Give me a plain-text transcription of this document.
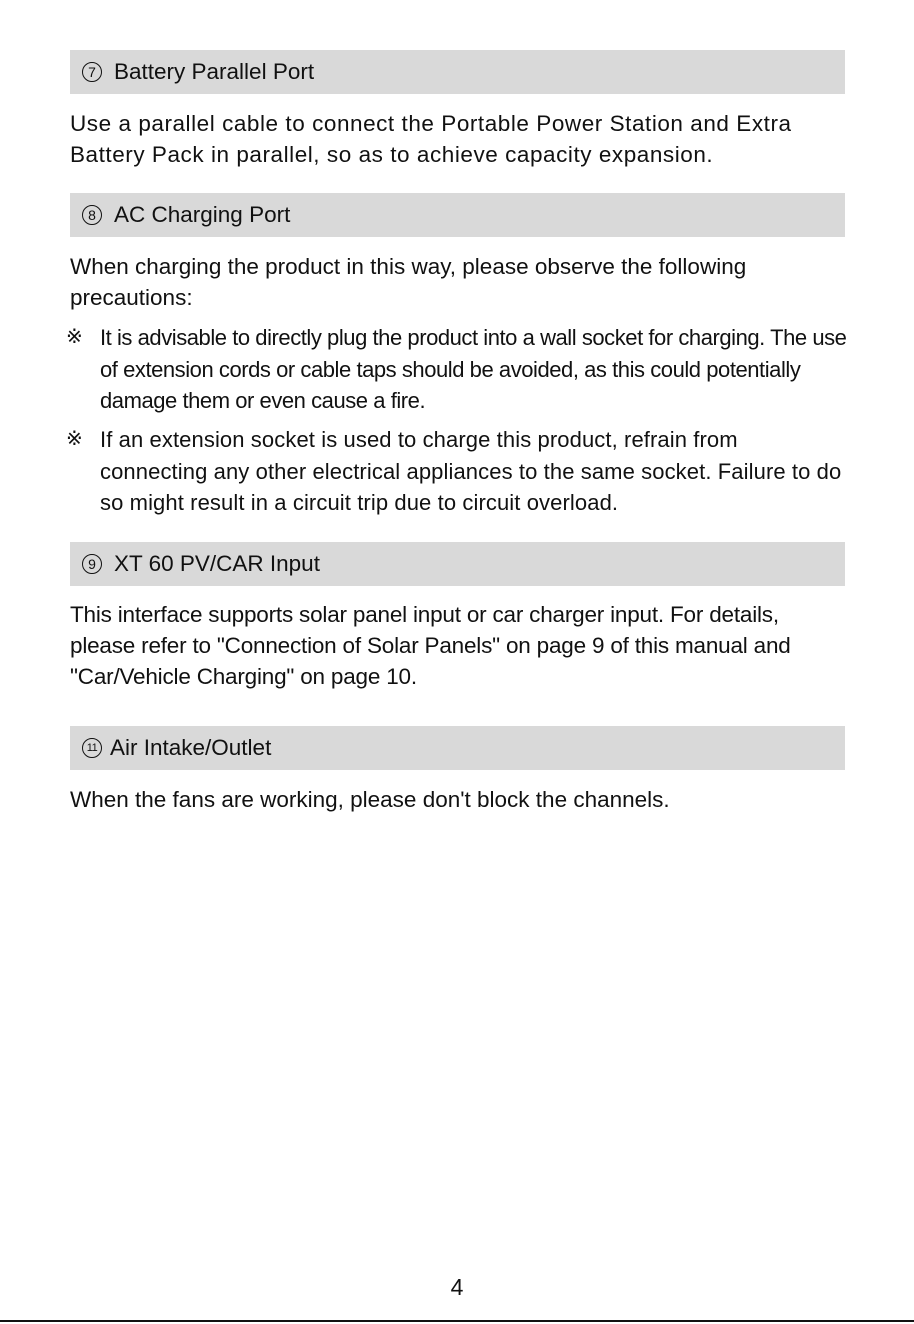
7 Battery Parallel Port

Use a parallel cable to connect the Portable Power Station and Extra Battery Pack in parallel, so as to achieve capacity expansion.

8 AC Charging Port

When charging the product in this way, please observe the following precautions:

※ It is advisable to directly plug the product into a wall socket for charging. The use of extension cords or cable taps should be avoided, as this could potentially damage them or even cause a fire.
※ If an extension socket is used to charge this product, refrain from connecting any other electrical appliances to the same socket. Failure to do so might result in a circuit trip due to circuit overload.
9 XT 60 PV/CAR Input

This interface supports solar panel input or car charger input. For details, please refer to "Connection of Solar Panels" on page 9 of this manual and "Car/Vehicle Charging" on page 10.

11 Air Intake/Outlet

When the fans are working, please don't block the channels.

4
